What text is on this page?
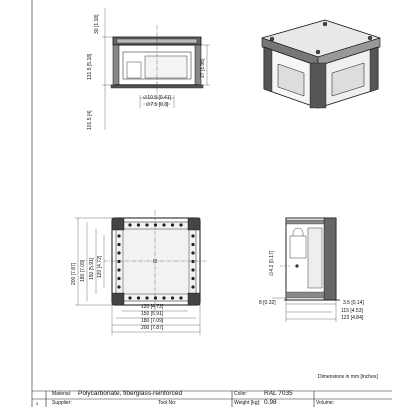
30 [1.18]
131.5 [5.18]
101.5 [4]
27 [1.06]
∅10.5 [0.41]
∅7.5 [0.3]
200 [7.87] 180 [7.09] 150 [5.91] 120 [4.72]
120 [4.72]
150 [5.91]
180 [7.09]
200 [7.87]
∅4.2 [0.17]
8 [0.32]	3.5 [0.14]
115 [4.53]
123 [4.84]
Dimensions in mm [inches]
Material: Polycarbonate, fiberglass-reinforced	Color:	RAL 7035
Supplier:	Tool No:	Weight [kg]: 0.98	Volume:
3
